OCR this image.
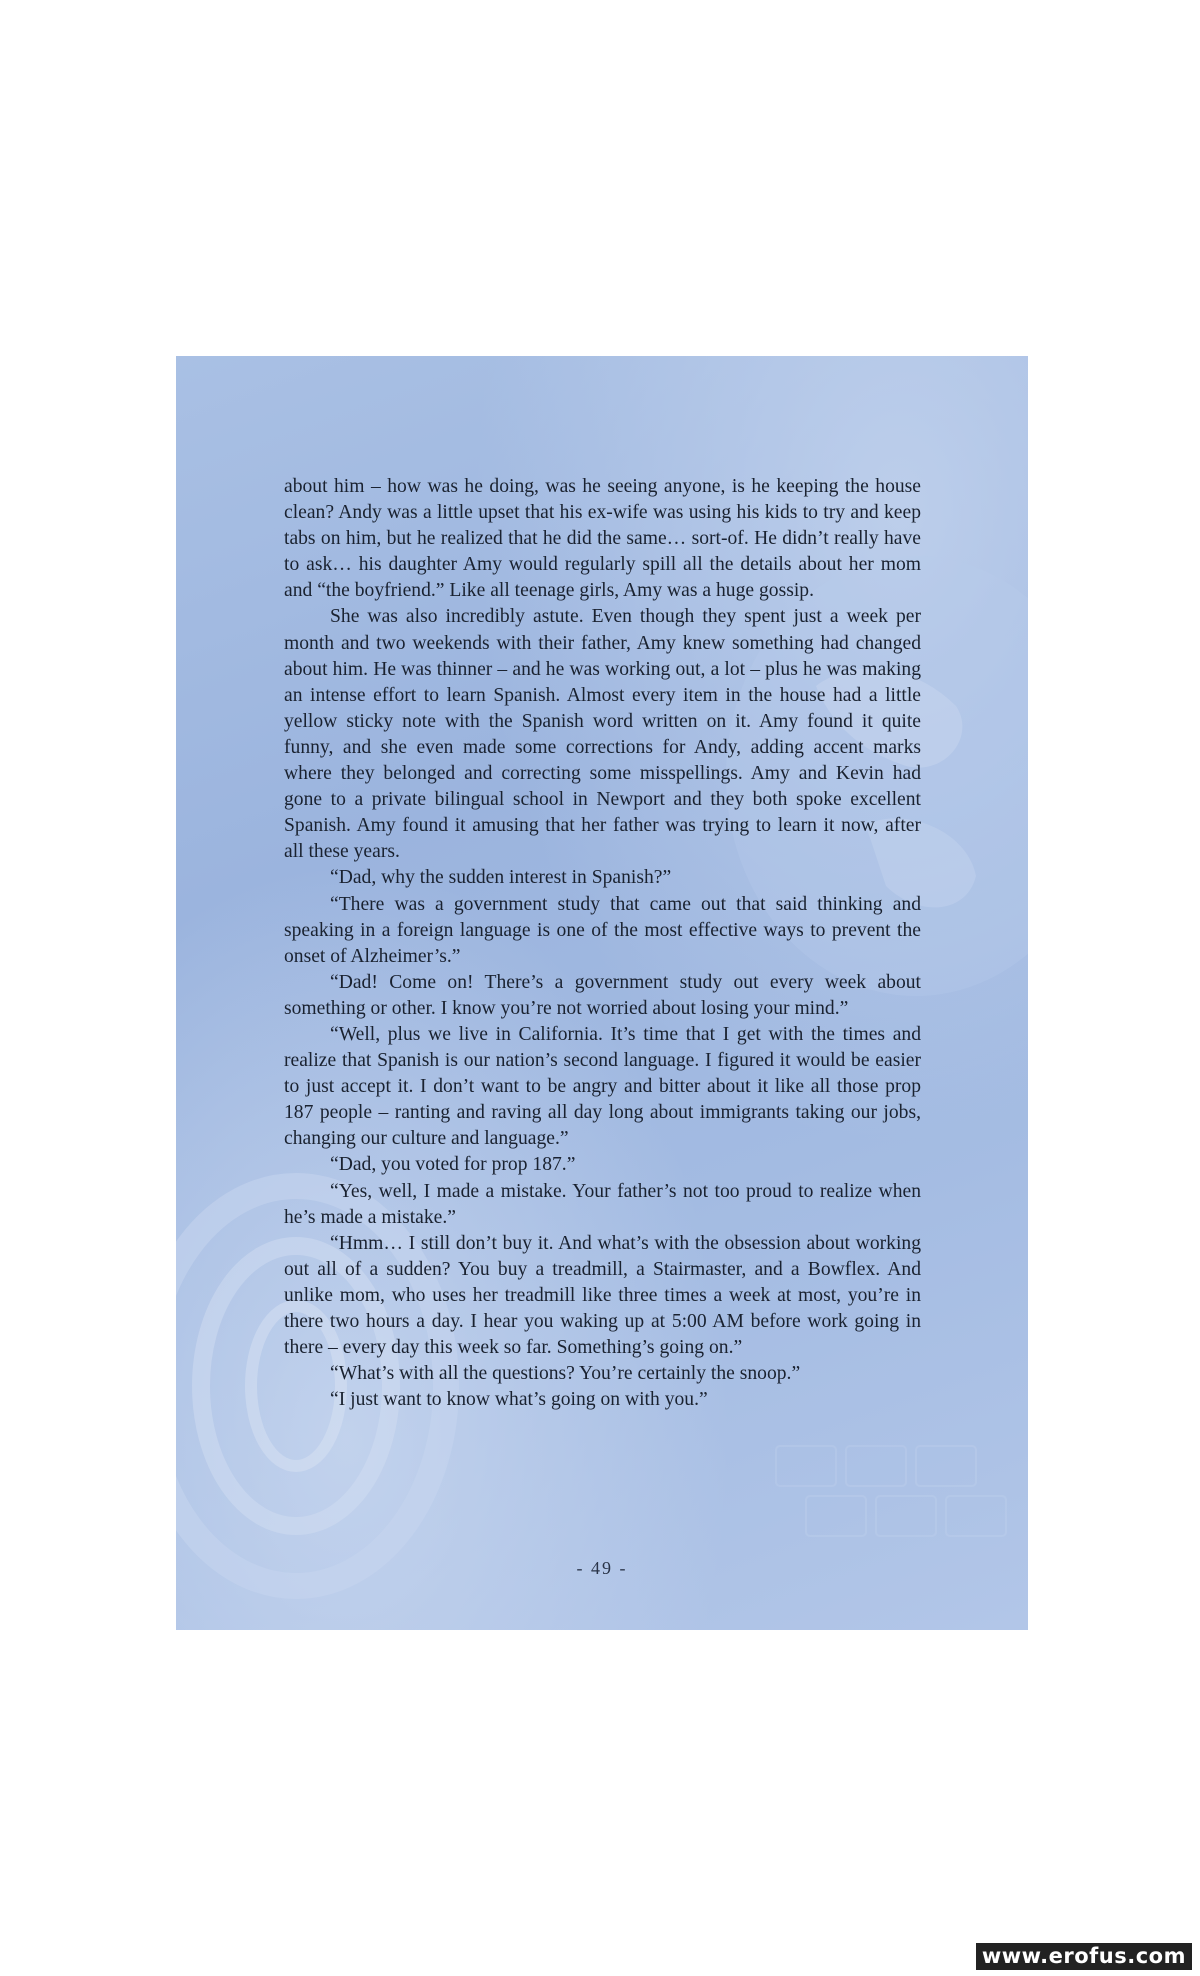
about him – how was he doing, was he seeing anyone, is he keeping the house clean? Andy was a little upset that his ex-wife was using his kids to try and keep tabs on him, but he realized that he did the same… sort-of. He didn’t really have to ask… his daughter Amy would regularly spill all the details about her mom and “the boyfriend.” Like all teenage girls, Amy was a huge gossip.

She was also incredibly astute. Even though they spent just a week per month and two weekends with their father, Amy knew something had changed about him. He was thinner – and he was working out, a lot – plus he was making an intense effort to learn Spanish. Almost every item in the house had a little yellow sticky note with the Spanish word written on it. Amy found it quite funny, and she even made some corrections for Andy, adding accent marks where they belonged and correcting some misspellings. Amy and Kevin had gone to a private bilingual school in Newport and they both spoke excellent Spanish. Amy found it amusing that her father was trying to learn it now, after all these years.

“Dad, why the sudden interest in Spanish?”

“There was a government study that came out that said thinking and speaking in a foreign language is one of the most effective ways to prevent the onset of Alzheimer’s.”

“Dad! Come on! There’s a government study out every week about something or other. I know you’re not worried about losing your mind.”

“Well, plus we live in California. It’s time that I get with the times and realize that Spanish is our nation’s second language. I figured it would be easier to just accept it. I don’t want to be angry and bitter about it like all those prop 187 people – ranting and raving all day long about immigrants taking our jobs, changing our culture and language.”

“Dad, you voted for prop 187.”

“Yes, well, I made a mistake. Your father’s not too proud to realize when he’s made a mistake.”

“Hmm… I still don’t buy it. And what’s with the obsession about working out all of a sudden? You buy a treadmill, a Stairmaster, and a Bowflex. And unlike mom, who uses her treadmill like three times a week at most, you’re in there two hours a day. I hear you waking up at 5:00 AM before work going in there – every day this week so far. Something’s going on.”

“What’s with all the questions? You’re certainly the snoop.”

“I just want to know what’s going on with you.”

- 49 -
www.erofus.com
